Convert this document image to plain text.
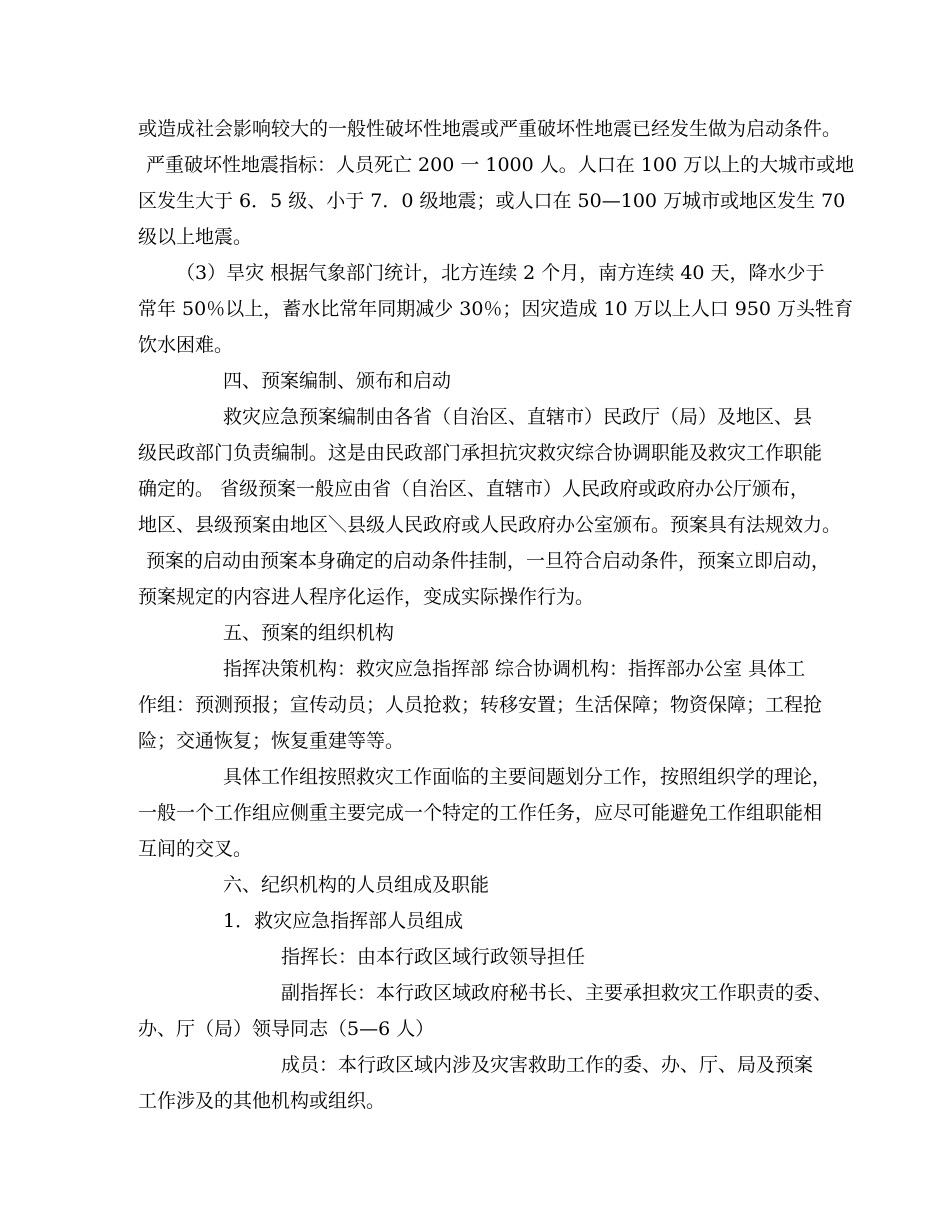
或造成社会影响较大的一般性破坏性地震或严重破坏性地震已经发生做为启动条件。
严重破坏性地震指标：人员死亡 200 一 1000 人。人口在 100 万以上的大城市或地
区发生大于 6．5 级、小于 7．0 级地震；或人口在 50—100 万城市或地区发生 70
级以上地震。
（3）旱灾 根据气象部门统计，北方连续 2 个月，南方连续 40 天，降水少于
常年 50％以上，蓄水比常年同期减少 30％；因灾造成 10 万以上人口 950 万头牲育
饮水困难。
四、预案编制、颁布和启动
救灾应急预案编制由各省（自治区、直辖市）民政厅（局）及地区、县
级民政部门负责编制。这是由民政部门承担抗灾救灾综合协调职能及救灾工作职能
确定的。 省级预案一般应由省（自治区、直辖市）人民政府或政府办公厅颁布，
地区、县级预案由地区＼县级人民政府或人民政府办公室颁布。预案具有法规效力。
预案的启动由预案本身确定的启动条件挂制，一旦符合启动条件，预案立即启动，
预案规定的内容进人程序化运作，变成实际操作行为。
五、预案的组织机构
指挥决策机构：救灾应急指挥部 综合协调机构：指挥部办公室 具体工
作组：预测预报；宣传动员；人员抢救；转移安置；生活保障；物资保障；工程抢
险；交通恢复；恢复重建等等。
具体工作组按照救灾工作面临的主要间题划分工作，按照组织学的理论，
一般一个工作组应侧重主要完成一个特定的工作任务，应尽可能避免工作组职能相
互间的交叉。
六、纪织机构的人员组成及职能
1．救灾应急指挥部人员组成
指挥长：由本行政区域行政领导担任
副指挥长：本行政区域政府秘书长、主要承担救灾工作职责的委、
办、厅（局）领导同志（5—6 人）
成员：本行政区域内涉及灾害救助工作的委、办、厅、局及预案
工作涉及的其他机构或组织。
